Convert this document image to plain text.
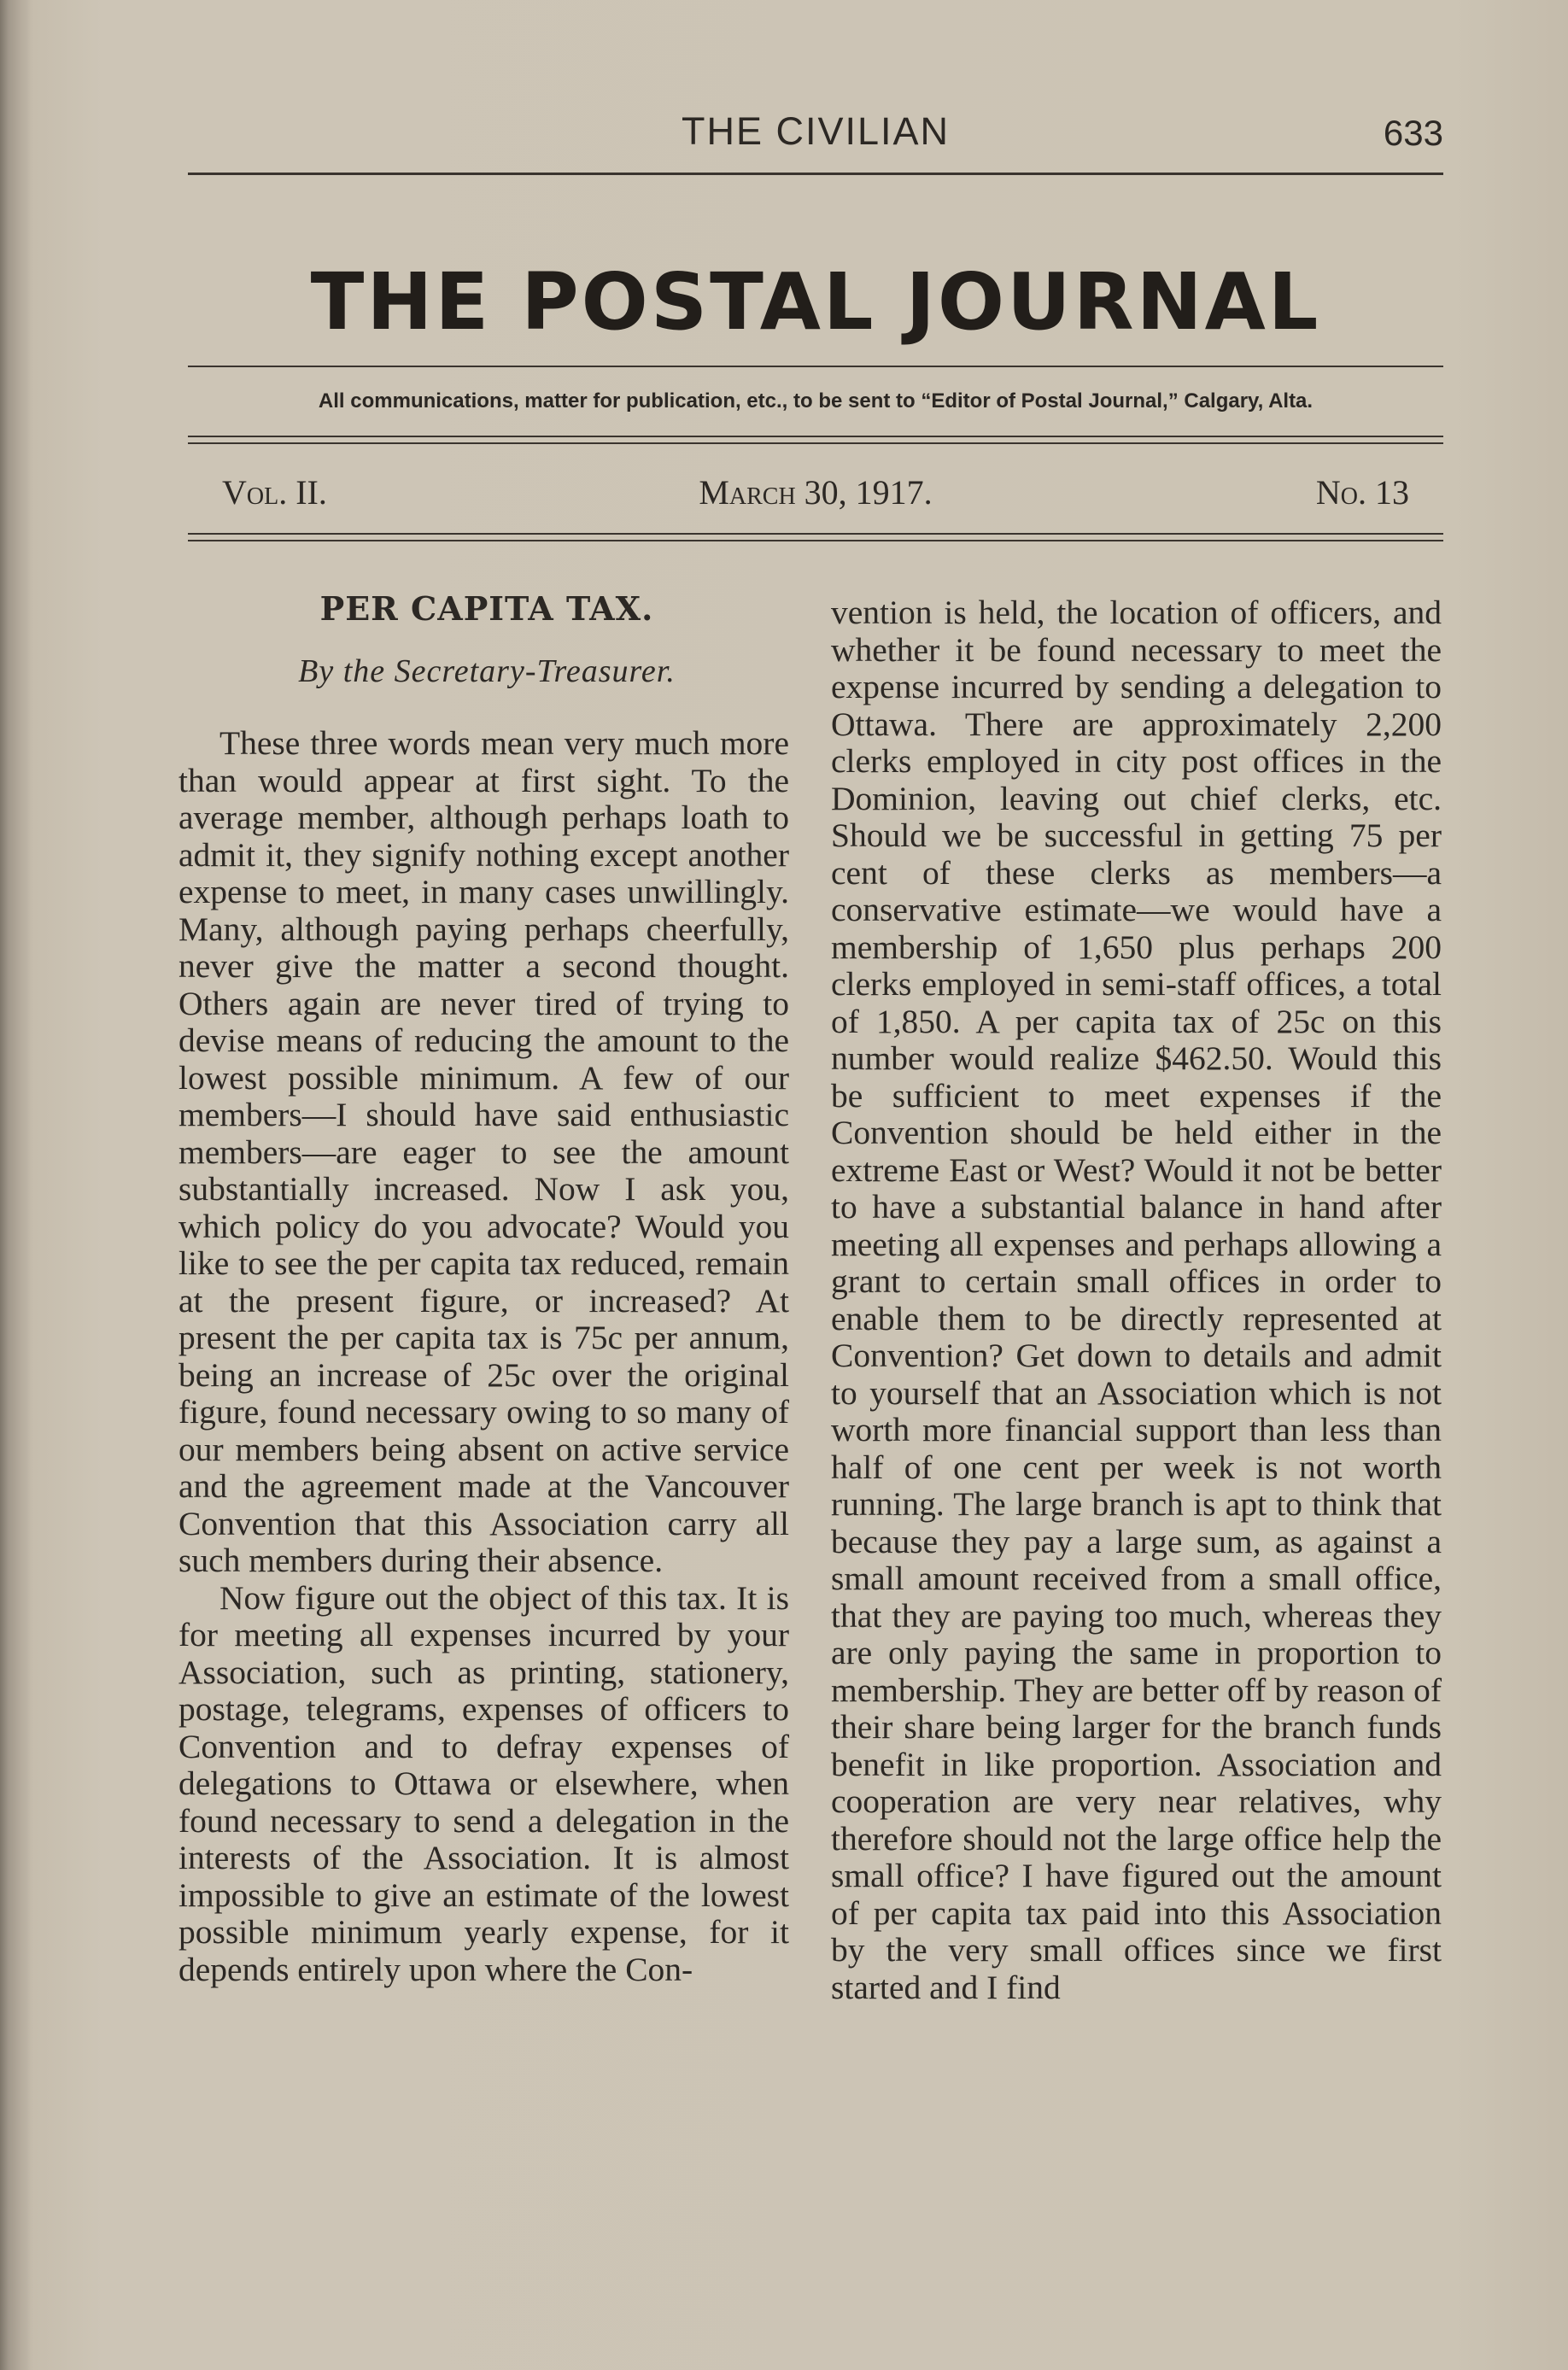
THE CIVILIAN	633
THE POSTAL JOURNAL
All communications, matter for publication, etc., to be sent to “Editor of Postal Journal,” Calgary, Alta.
Vol. II.	March 30, 1917.	No. 13
PER CAPITA TAX.
By the Secretary-Treasurer.

These three words mean very much more than would appear at first sight. To the average member, although perhaps loath to admit it, they signify nothing except another expense to meet, in many cases unwillingly. Many, although paying perhaps cheerfully, never give the matter a second thought. Others again are never tired of trying to devise means of reducing the amount to the lowest possible minimum. A few of our members—I should have said enthusiastic members—are eager to see the amount substantially increased. Now I ask you, which policy do you advocate? Would you like to see the per capita tax reduced, remain at the present figure, or increased? At present the per capita tax is 75c per annum, being an increase of 25c over the original figure, found necessary owing to so many of our members being absent on active service and the agreement made at the Vancouver Convention that this Association carry all such members during their absence.

Now figure out the object of this tax. It is for meeting all expenses incurred by your Association, such as printing, stationery, postage, telegrams, expenses of officers to Convention and to defray expenses of delegations to Ottawa or elsewhere, when found necessary to send a delegation in the interests of the Association. It is almost impossible to give an estimate of the lowest possible minimum yearly expense, for it depends entirely upon where the Con-

vention is held, the location of officers, and whether it be found necessary to meet the expense incurred by sending a delegation to Ottawa. There are approximately 2,200 clerks employed in city post offices in the Dominion, leaving out chief clerks, etc. Should we be successful in getting 75 per cent of these clerks as members—a conservative estimate—we would have a membership of 1,650 plus perhaps 200 clerks employed in semi-staff offices, a total of 1,850. A per capita tax of 25c on this number would realize $462.50. Would this be sufficient to meet expenses if the Convention should be held either in the extreme East or West? Would it not be better to have a substantial balance in hand after meeting all expenses and perhaps allowing a grant to certain small offices in order to enable them to be directly represented at Convention? Get down to details and admit to yourself that an Association which is not worth more financial support than less than half of one cent per week is not worth running. The large branch is apt to think that because they pay a large sum, as against a small amount received from a small office, that they are paying too much, whereas they are only paying the same in proportion to membership. They are better off by reason of their share being larger for the branch funds benefit in like proportion. Association and cooperation are very near relatives, why therefore should not the large office help the small office? I have figured out the amount of per capita tax paid into this Association by the very small offices since we first started and I find
